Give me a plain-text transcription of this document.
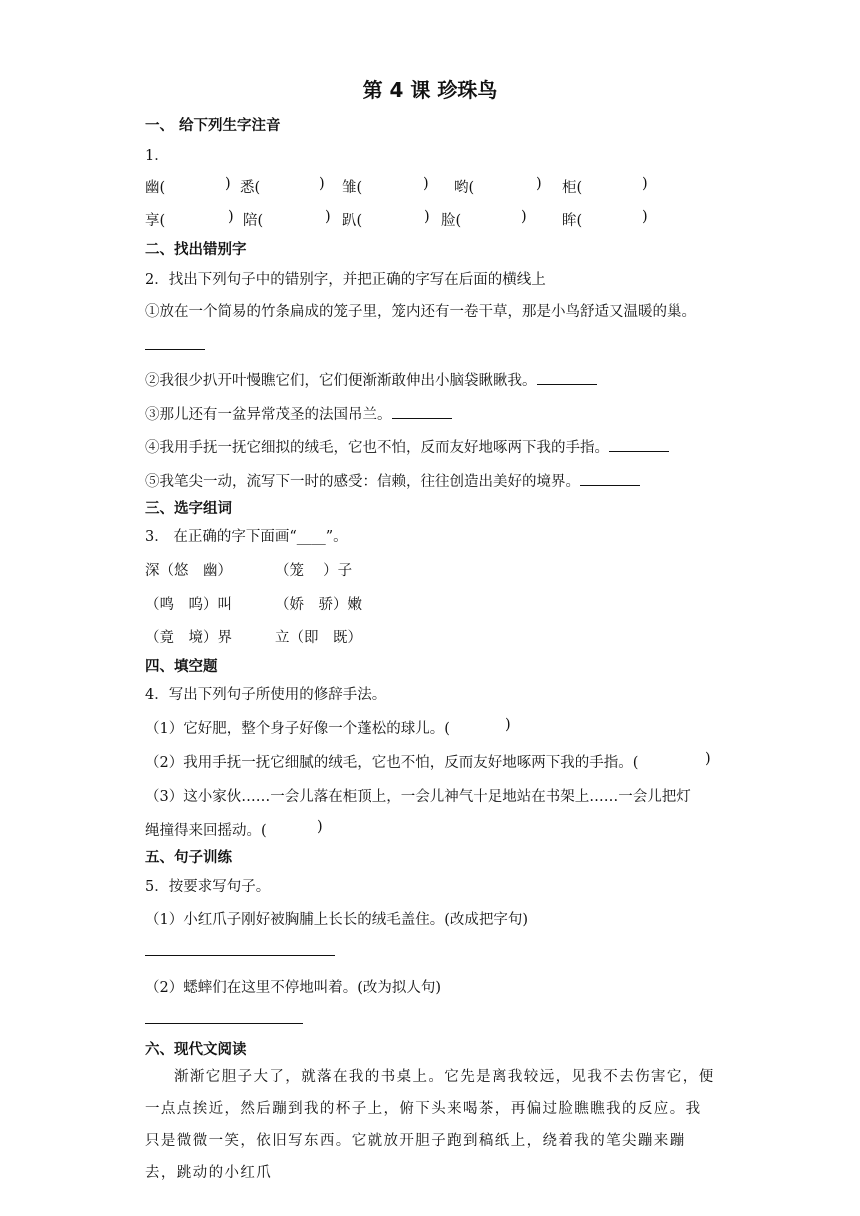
第 4 课 珍珠鸟
一、 给下列生字注音
1．
幽(	) 悉(	) 雏(	) 哟(	) 柜(	)
享(	) 陪(	) 趴(	) 脸(	) 眸(	)
二、找出错别字
2．找出下列句子中的错别字，并把正确的字写在后面的横线上
①放在一个简易的竹条扁成的笼子里，笼内还有一卷干草，那是小鸟舒适又温暖的巢。
②我很少扒开叶慢瞧它们，它们便渐渐敢伸出小脑袋瞅瞅我。
③那儿还有一盆异常茂圣的法国吊兰。
④我用手抚一抚它细拟的绒毛，它也不怕，反而友好地啄两下我的手指。
⑤我笔尖一动，流写下一时的感受：信赖，往往创造出美好的境界。
三、选字组词
3． 在正确的字下面画“____”。
深（悠　幽）	（笼　 ）子
（鸣　呜）叫	（娇　骄）嫩
（竟　境）界	立（即　既）
四、填空题
4．写出下列句子所使用的修辞手法。
（1）它好肥，整个身子好像一个蓬松的球儿。(	)
（2）我用手抚一抚它细腻的绒毛，它也不怕，反而友好地啄两下我的手指。(	)
（3）这小家伙……一会儿落在柜顶上，一会儿神气十足地站在书架上……一会儿把灯
绳撞得来回摇动。(	)
五、句子训练
5．按要求写句子。
（1）小红爪子刚好被胸脯上长长的绒毛盖住。(改成把字句)
（2）蟋蟀们在这里不停地叫着。(改为拟人句)
六、现代文阅读
渐渐它胆子大了，就落在我的书桌上。它先是离我较远，见我不去伤害它，便一点点挨近，然后蹦到我的杯子上，俯下头来喝茶，再偏过脸瞧瞧我的反应。我只是微微一笑，依旧写东西。它就放开胆子跑到稿纸上，绕着我的笔尖蹦来蹦去，跳动的小红爪
